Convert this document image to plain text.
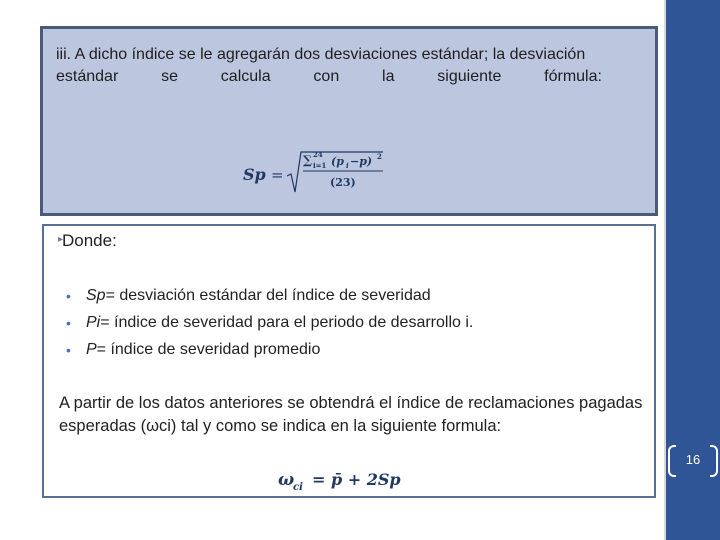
16
iii. A dicho índice se le agregarán dos desviaciones estándar; la desviación
estándar	se	calcula	con	la	siguiente	fórmula:
Sp =
∑ 24
i=1 (p i −p) 2
(23)
▸
Donde:
• Sp = desviación estándar del índice de severidad
• Pi = índice de severidad para el periodo de desarrollo i.
• P = índice de severidad promedio
A partir de los datos anteriores se obtendrá el índice de reclamaciones pagadas esperadas (ωci) tal y como se indica en la siguiente formula:
ω
ci = p̄ + 2Sp
